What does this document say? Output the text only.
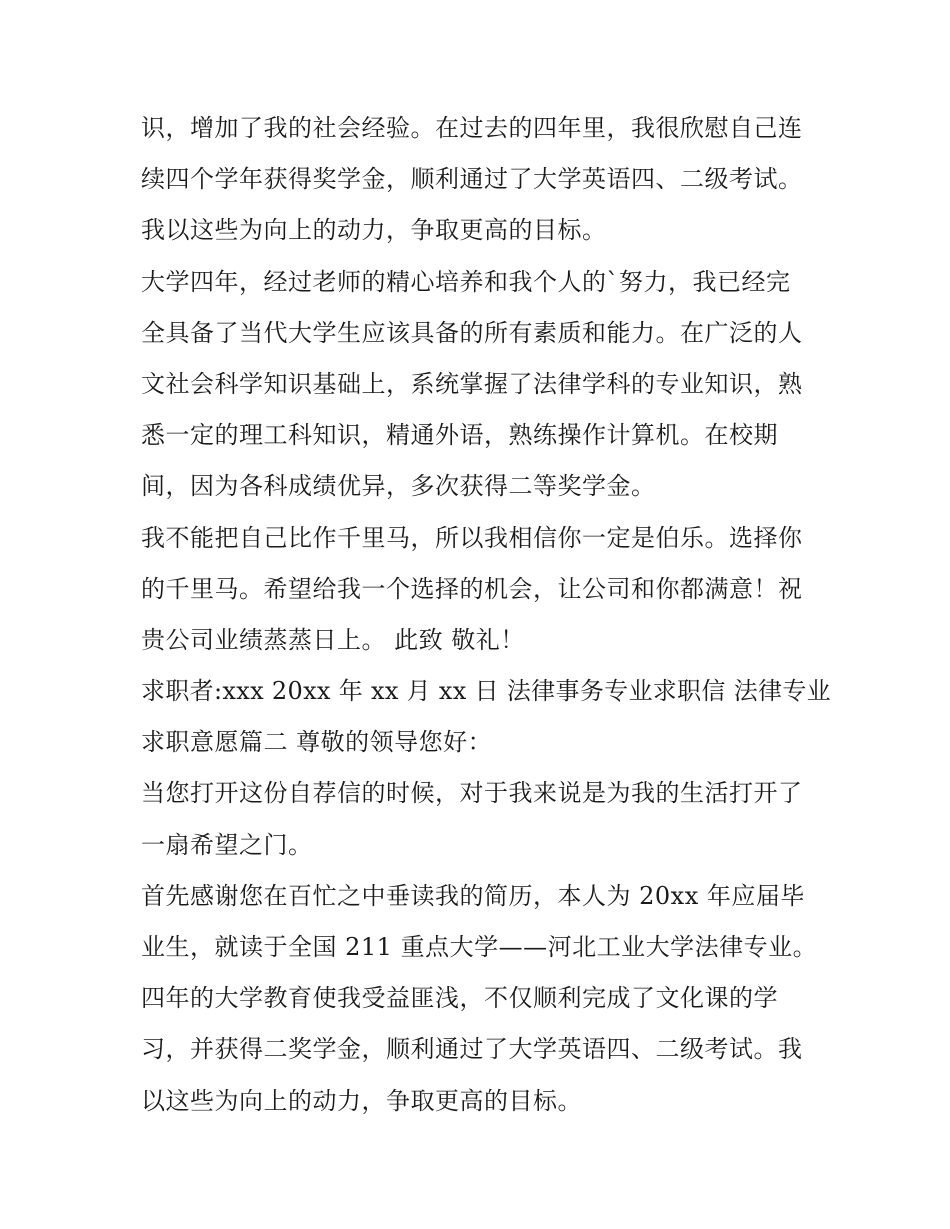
识，增加了我的社会经验。在过去的四年里，我很欣慰自己连
续四个学年获得奖学金，顺利通过了大学英语四、二级考试。
我以这些为向上的动力，争取更高的目标。
大学四年，经过老师的精心培养和我个人的`努力，我已经完
全具备了当代大学生应该具备的所有素质和能力。在广泛的人
文社会科学知识基础上，系统掌握了法律学科的专业知识，熟
悉一定的理工科知识，精通外语，熟练操作计算机。在校期
间，因为各科成绩优异，多次获得二等奖学金。
我不能把自己比作千里马，所以我相信你一定是伯乐。选择你
的千里马。希望给我一个选择的机会，让公司和你都满意！祝
贵公司业绩蒸蒸日上。 此致 敬礼！
求职者:xxx 20xx 年 xx 月 xx 日 法律事务专业求职信 法律专业
求职意愿篇二 尊敬的领导您好：
当您打开这份自荐信的时候，对于我来说是为我的生活打开了
一扇希望之门。
首先感谢您在百忙之中垂读我的简历，本人为 20xx 年应届毕
业生，就读于全国 211 重点大学——河北工业大学法律专业。
四年的大学教育使我受益匪浅，不仅顺利完成了文化课的学
习，并获得二奖学金，顺利通过了大学英语四、二级考试。我
以这些为向上的动力，争取更高的目标。
